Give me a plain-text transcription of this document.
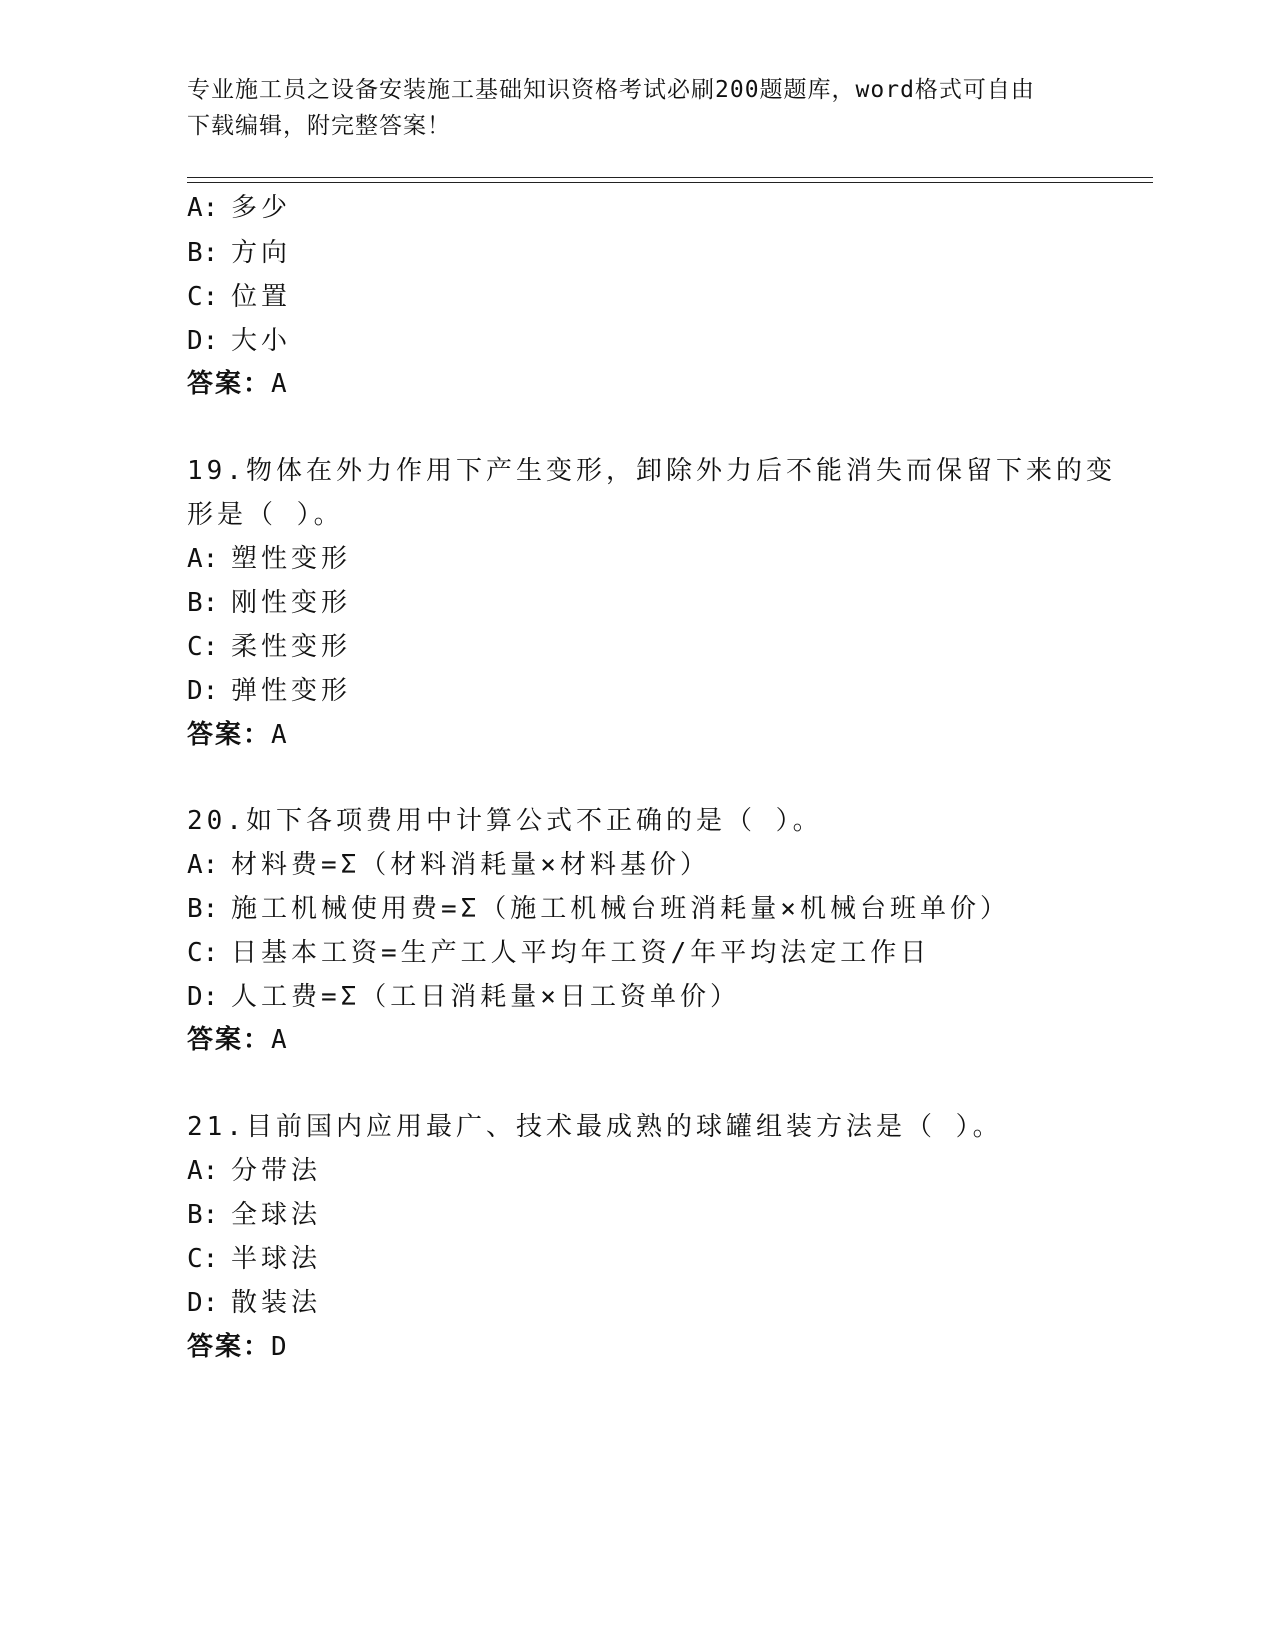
专业施工员之设备安装施工基础知识资格考试必刷200题题库，word格式可自由
下载编辑，附完整答案！
A: 多少
B: 方向
C: 位置
D: 大小
答案：A
19.物体在外力作用下产生变形，卸除外力后不能消失而保留下来的变
形是（ ）。
A: 塑性变形
B: 刚性变形
C: 柔性变形
D: 弹性变形
答案：A
20.如下各项费用中计算公式不正确的是（ ）。
A: 材料费=Σ（材料消耗量×材料基价）
B: 施工机械使用费=Σ（施工机械台班消耗量×机械台班单价）
C: 日基本工资=生产工人平均年工资/年平均法定工作日
D: 人工费=Σ（工日消耗量×日工资单价）
答案：A
21.目前国内应用最广、技术最成熟的球罐组装方法是（ ）。
A: 分带法
B: 全球法
C: 半球法
D: 散装法
答案：D
